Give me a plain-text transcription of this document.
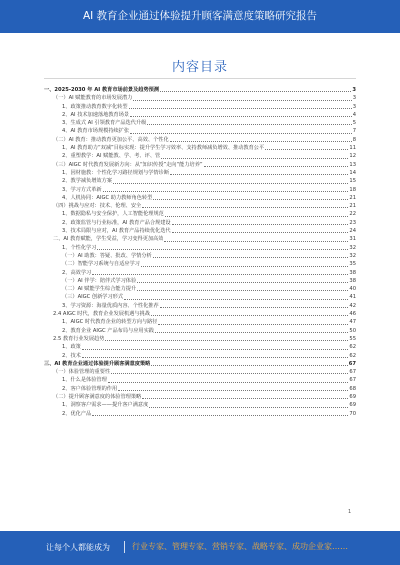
AI 教育企业通过体验提升顾客满意度策略研究报告
内容目录
一、2025-2030 年 AI 教育市场前景及趋势预测	3
（一）AI 赋能教育的市场发展潜力	3
1、政策推动教育数字化转型	3
2、AI 技术加速落地教育场景	4
3、生成式 AI 引领教育产品迭代升级	5
4、AI 教育市场规模持续扩张	7
（二）AI 教育：推动教育更加公平、高效、个性化	8
1、AI 教育助力“双减”目标实现：提升学生学习效率、支持教师减负增效、推动教育公平	11
2、重塑教学：AI 赋能教、学、考、评、管	12
（三）AIGC 时代教育发展新方向：从“知识传授”走向“能力培养”	13
1、因材施教：个性化学习路径规划与学情诊断	14
2、教学减负增效方案	15
3、学习方式革新	18
4、人机协同：AIGC 助力教师角色转型	21
（四）挑战与应对：技术、伦理、安全	21
1、数据隐私与安全保护，人工智能伦理规范	22
2、政策监管与行业标准，AI 教育产品合规建设	23
3、技术局限与应对，AI 教育产品持续优化迭代	24
二、AI 教育赋能，学生受益，学习变得更加高效	31
1、个性化学习	32
（一）AI 助教：答疑、批改、学情分析	32
（二）智能学习系统与自适应学习	35
2、高效学习	38
（一）AI 伴学：陪伴式学习体验	38
（二）AI 赋能学生综合能力提升	40
（三）AIGC 创新学习形式	41
3、学习资源：海量优质内容、个性化推荐	42
2.4 AIGC 时代，教育企业发展机遇与挑战	46
1、AIGC 时代教育企业的转型方向与路径	47
2、教育企业 AIGC 产品布局与应用实践	50
2.5 教育行业发展趋势	55
1、政策	62
2、技术	62
三、AI 教育企业通过体验提升顾客满意度策略	67
（一）体验管理的重要性	67
1、什么是体验管理	67
2、客户体验管理的作用	68
（二）提升顾客满意度的体验管理策略	69
1、洞察客户需求——提升客户满意度	69
2、优化产品	70
1
让每个人都能成为	行业专家、管理专家、营销专家、战略专家、成功企业家……
